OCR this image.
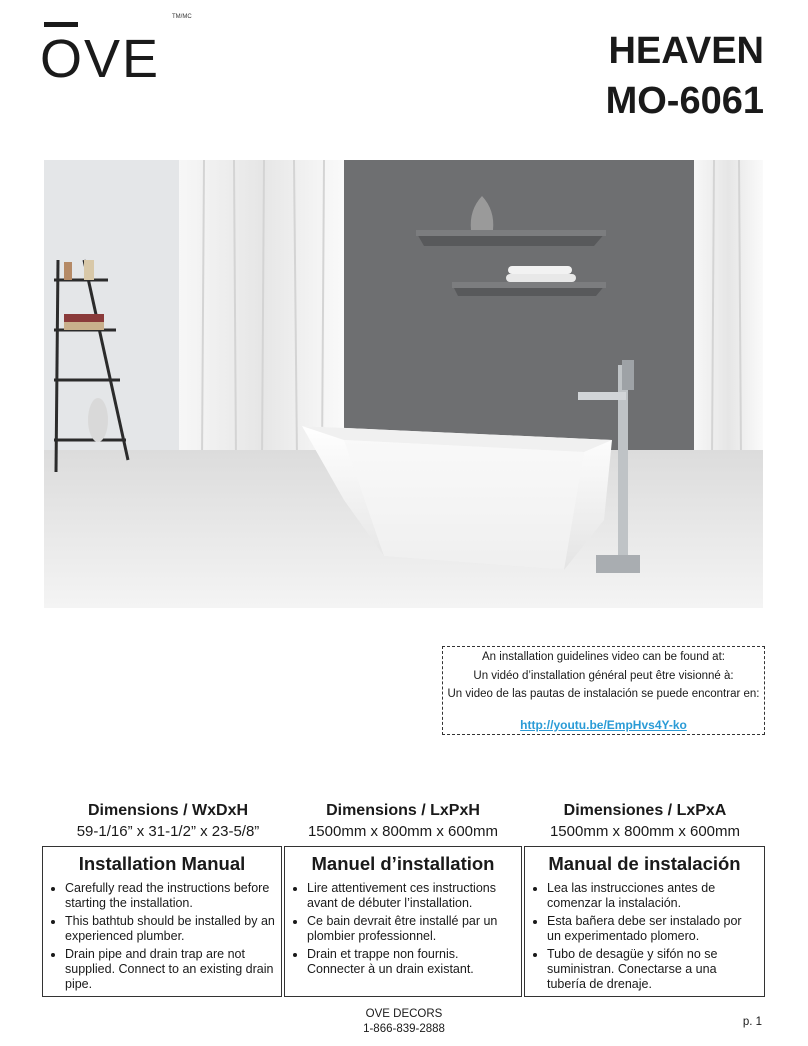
OVE
TM/MC
HEAVEN
MO-6061
An installation guidelines video can be found at:
Un vidéo d’installation général peut être visionné à:
Un video de las pautas de instalación se puede encontrar en:
http://youtu.be/EmpHvs4Y-ko
Dimensions / WxDxH
59-1/16” x 31-1/2” x 23-5/8”
Dimensions / LxPxH
1500mm x 800mm x 600mm
Dimensiones / LxPxA
1500mm x 800mm x 600mm
Installation Manual
• Carefully read the instructions before starting the installation.
• This bathtub should be installed by an experienced plumber.
• Drain pipe and drain trap are not supplied. Connect to an existing drain pipe.
Manuel d’installation
• Lire attentivement ces instructions avant de débuter l’installation.
• Ce bain devrait être installé par un plombier professionnel.
• Drain et trappe non fournis. Connecter à un drain existant.
Manual de instalación
• Lea las instrucciones antes de comenzar la instalación.
• Esta bañera debe ser instalado por un experimentado plomero.
• Tubo de desagüe y sifón no se suministran. Conectarse a una tubería de drenaje.
OVE DECORS
1-866-839-2888
p. 1
